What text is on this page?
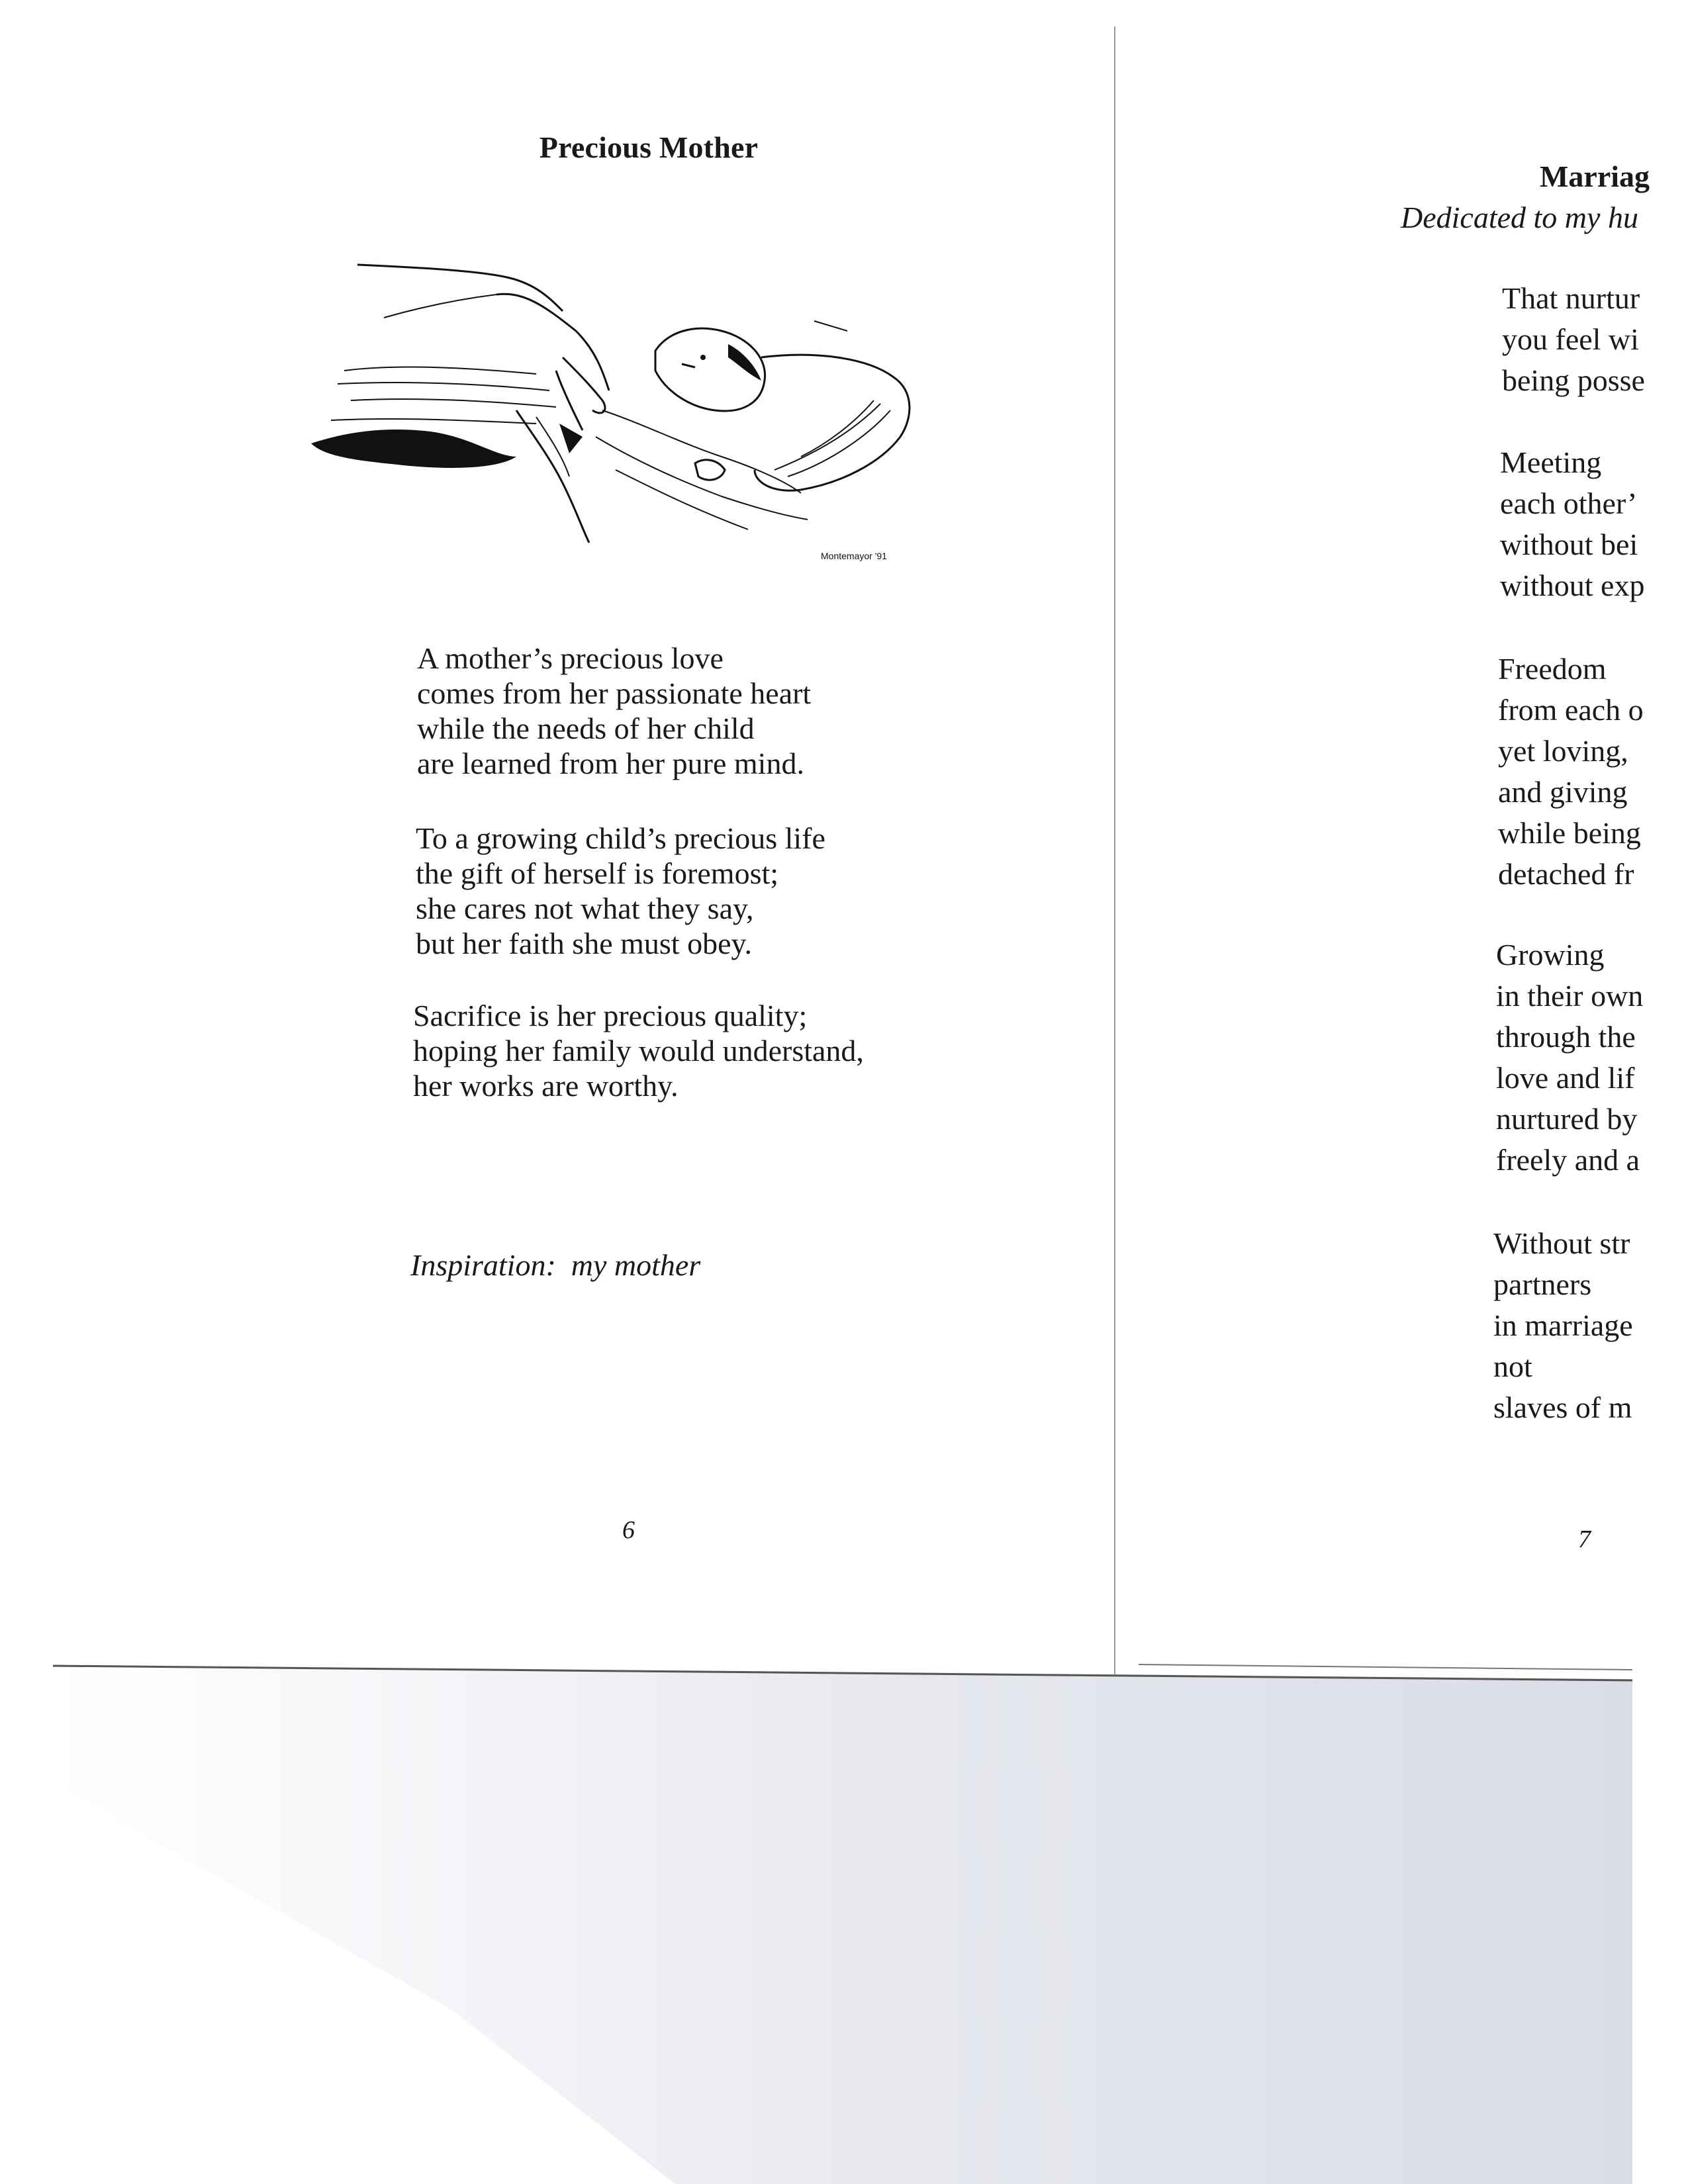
Precious Mother
Montemayor '91
A mother’s precious love
comes from her passionate heart
while the needs of her child
are learned from her pure mind.
To a growing child’s precious life
the gift of herself is foremost;
she cares not what they say,
but her faith she must obey.
Sacrifice is her precious quality;
hoping her family would understand,
her works are worthy.
Inspiration:  my mother
6
Marriag
Dedicated to my hu
That nurtur
you feel wi
being posse
Meeting
each other’
without bei
without exp
Freedom
from each o
yet loving,
and giving
while being
detached fr
Growing
in their own
through the
love and lif
nurtured by
freely and a
Without str
partners
in marriage
not
slaves of m
7
